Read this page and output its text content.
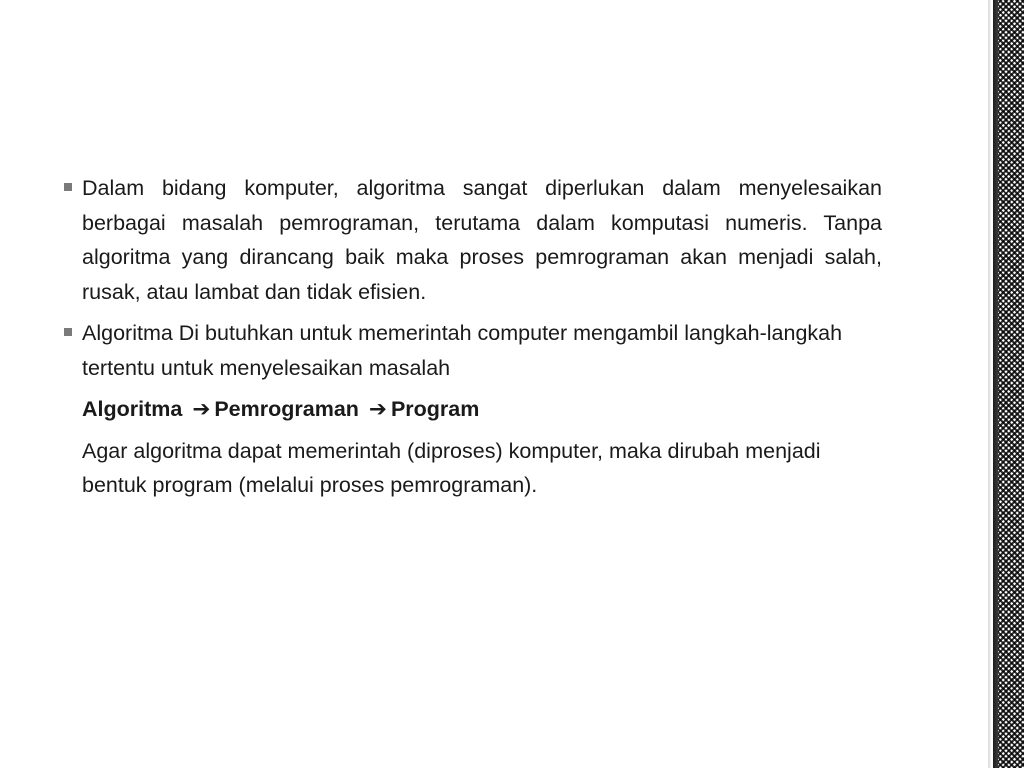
Dalam bidang komputer, algoritma sangat diperlukan dalam menyelesaikan berbagai masalah pemrograman, terutama dalam komputasi numeris. Tanpa algoritma yang dirancang baik maka proses pemrograman akan menjadi salah, rusak, atau lambat dan tidak efisien.

Algoritma Di butuhkan untuk memerintah computer mengambil langkah-langkah tertentu untuk menyelesaikan masalah

Algoritma ➔ Pemrograman ➔ Program

Agar algoritma dapat memerintah (diproses) komputer, maka dirubah menjadi bentuk program (melalui proses pemrograman).
